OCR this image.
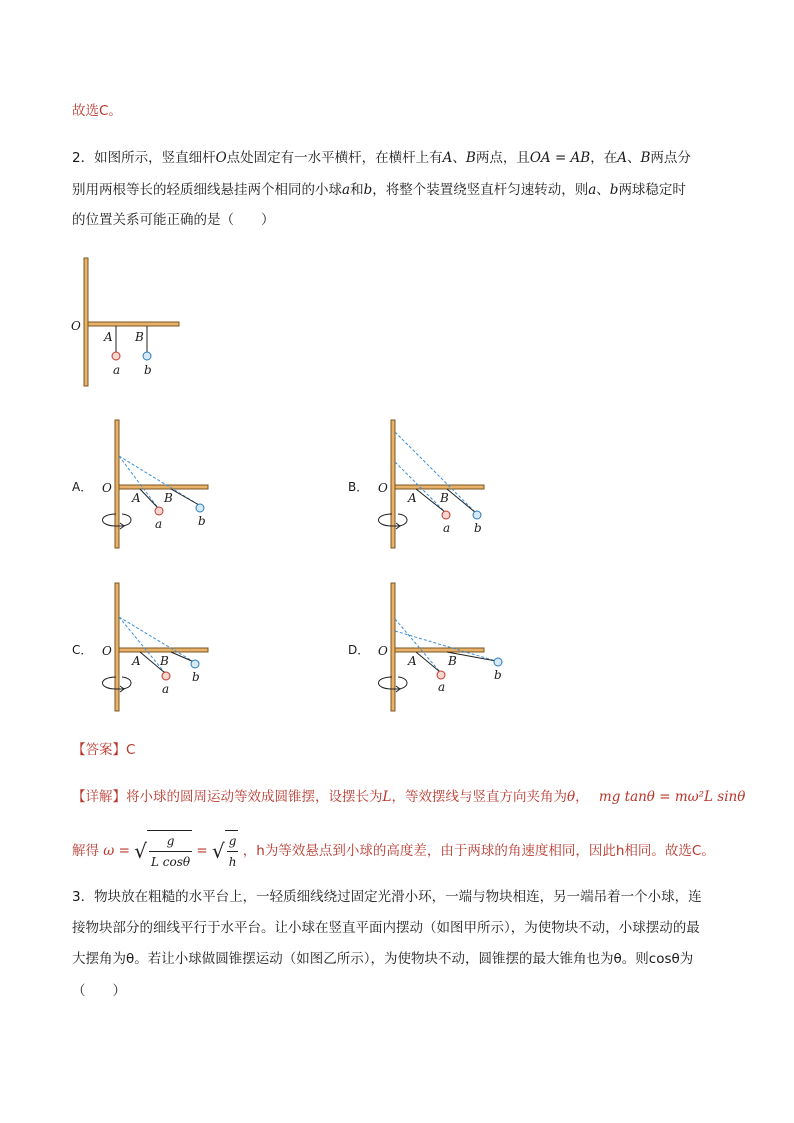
故选C。
2．如图所示，竖直细杆O点处固定有一水平横杆，在横杆上有A、B两点，且OA = AB，在A、B两点分
别用两根等长的轻质细线悬挂两个相同的小球a和b，将整个装置绕竖直杆匀速转动，则a、b两球稳定时
的位置关系可能正确的是（　　）
O
A B
a b
A． O
A B
a	b
B． O
A B
a b
C． O
A B
a
b
D． O
A	B
a
b
【答案】C
【详解】将小球的圆周运动等效成圆锥摆，设摆长为L，等效摆线与竖直方向夹角为θ， mg tanθ = mω²L sinθ
解得 ω = √ $\frac{g}{\text{L cosθ}}$ = √ $\frac{g}{h}$ ，h为等效悬点到小球的高度差，由于两球的角速度相同，因此h相同。故选C。
3．物块放在粗糙的水平台上，一轻质细线绕过固定光滑小环，一端与物块相连，另一端吊着一个小球，连
接物块部分的细线平行于水平台。让小球在竖直平面内摆动（如图甲所示），为使物块不动，小球摆动的最
大摆角为θ。若让小球做圆锥摆运动（如图乙所示），为使物块不动，圆锥摆的最大锥角也为θ。则cosθ为
（　　）
